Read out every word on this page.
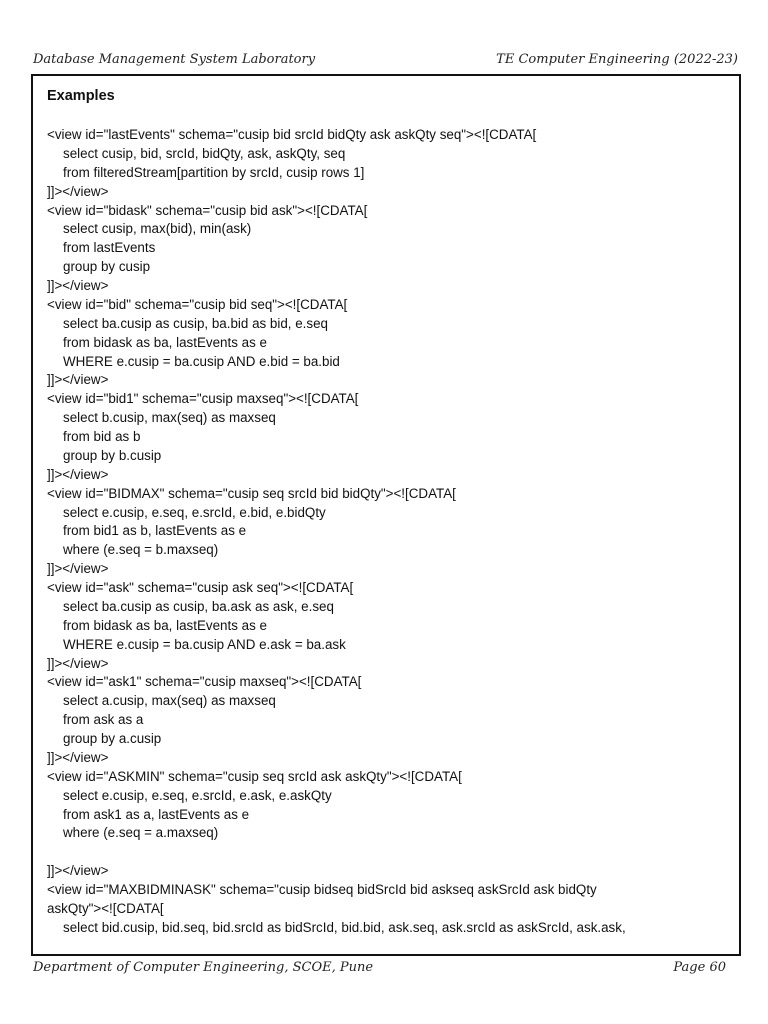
Database Management System Laboratory	TE Computer Engineering (2022-23)
Examples
<view id="lastEvents" schema="cusip bid srcId bidQty ask askQty seq"><![CDATA[
select cusip, bid, srcId, bidQty, ask, askQty, seq
from filteredStream[partition by srcId, cusip rows 1]
]]></view>
<view id="bidask" schema="cusip bid ask"><![CDATA[
select cusip, max(bid), min(ask)
from lastEvents
group by cusip
]]></view>
<view id="bid" schema="cusip bid seq"><![CDATA[
select ba.cusip as cusip, ba.bid as bid, e.seq
from bidask as ba, lastEvents as e
WHERE e.cusip = ba.cusip AND e.bid = ba.bid
]]></view>
<view id="bid1" schema="cusip maxseq"><![CDATA[
select b.cusip, max(seq) as maxseq
from bid as b
group by b.cusip
]]></view>
<view id="BIDMAX" schema="cusip seq srcId bid bidQty"><![CDATA[
select e.cusip, e.seq, e.srcId, e.bid, e.bidQty
from bid1 as b, lastEvents as e
where (e.seq = b.maxseq)
]]></view>
<view id="ask" schema="cusip ask seq"><![CDATA[
select ba.cusip as cusip, ba.ask as ask, e.seq
from bidask as ba, lastEvents as e
WHERE e.cusip = ba.cusip AND e.ask = ba.ask
]]></view>
<view id="ask1" schema="cusip maxseq"><![CDATA[
select a.cusip, max(seq) as maxseq
from ask as a
group by a.cusip
]]></view>
<view id="ASKMIN" schema="cusip seq srcId ask askQty"><![CDATA[
select e.cusip, e.seq, e.srcId, e.ask, e.askQty
from ask1 as a, lastEvents as e
where (e.seq = a.maxseq)
]]></view>
<view id="MAXBIDMINASK" schema="cusip bidseq bidSrcId bid askseq askSrcId ask bidQty
askQty"><![CDATA[
select bid.cusip, bid.seq, bid.srcId as bidSrcId, bid.bid, ask.seq, ask.srcId as askSrcId, ask.ask,
Department of Computer Engineering, SCOE, Pune	Page 60
